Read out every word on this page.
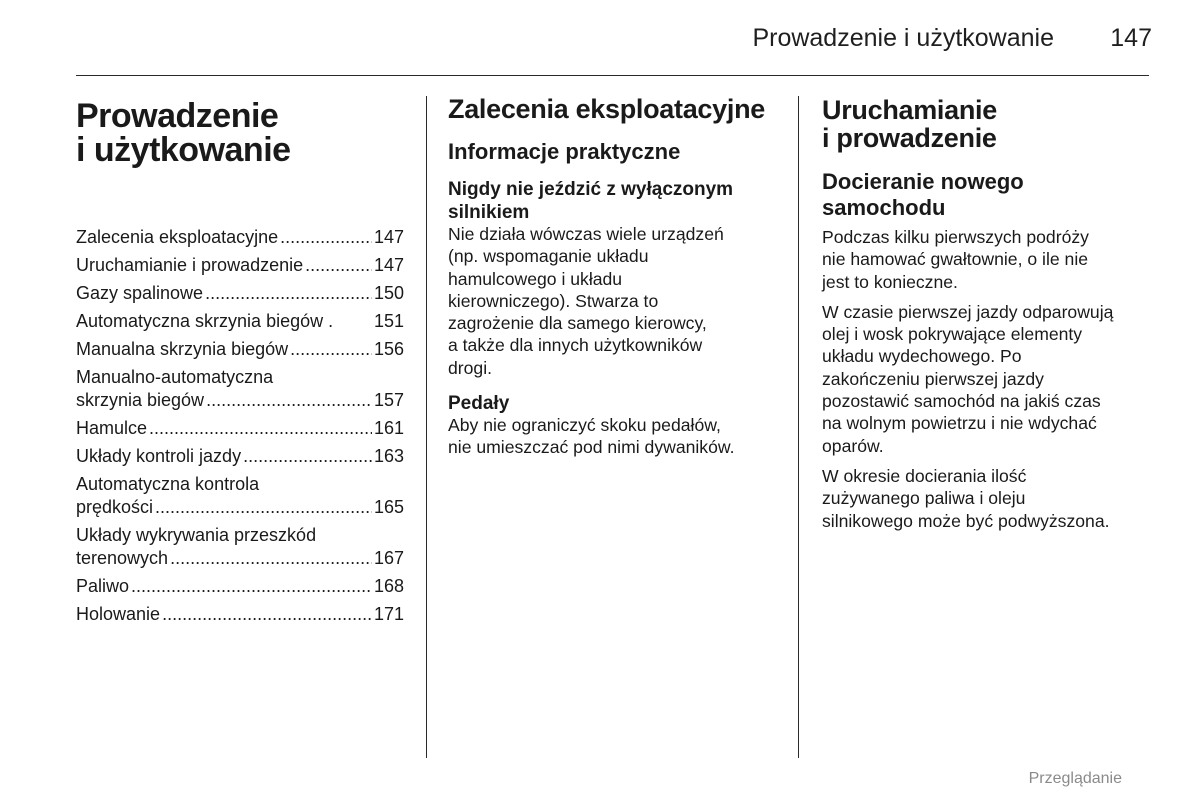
Prowadzenie i użytkowanie 147
Prowadzenie
i użytkowanie
Zalecenia eksploatacyjne .....	147
Uruchamianie i prowadzenie .....	147
Gazy spalinowe .....	150
Automatyczna skrzynia biegów . 151
Manualna skrzynia biegów .....	156
Manualno-automatyczna
skrzynia biegów .....	157
Hamulce .....	161
Układy kontroli jazdy .....	163
Automatyczna kontrola
prędkości .....	165
Układy wykrywania przeszkód
terenowych .....	167
Paliwo .....	168
Holowanie .....	171
Zalecenia eksploatacyjne
Informacje praktyczne
Nigdy nie jeździć z wyłączonym
silnikiem
Nie działa wówczas wiele urządzeń
(np. wspomaganie układu
hamulcowego i układu
kierowniczego). Stwarza to
zagrożenie dla samego kierowcy,
a także dla innych użytkowników
drogi.
Pedały
Aby nie ograniczyć skoku pedałów,
nie umieszczać pod nimi dywaników.
Uruchamianie
i prowadzenie
Docieranie nowego
samochodu
Podczas kilku pierwszych podróży
nie hamować gwałtownie, o ile nie
jest to konieczne.
W czasie pierwszej jazdy odparowują
olej i wosk pokrywające elementy
układu wydechowego. Po
zakończeniu pierwszej jazdy
pozostawić samochód na jakiś czas
na wolnym powietrzu i nie wdychać
oparów.
W okresie docierania ilość
zużywanego paliwa i oleju
silnikowego może być podwyższona.
Przeglądanie
